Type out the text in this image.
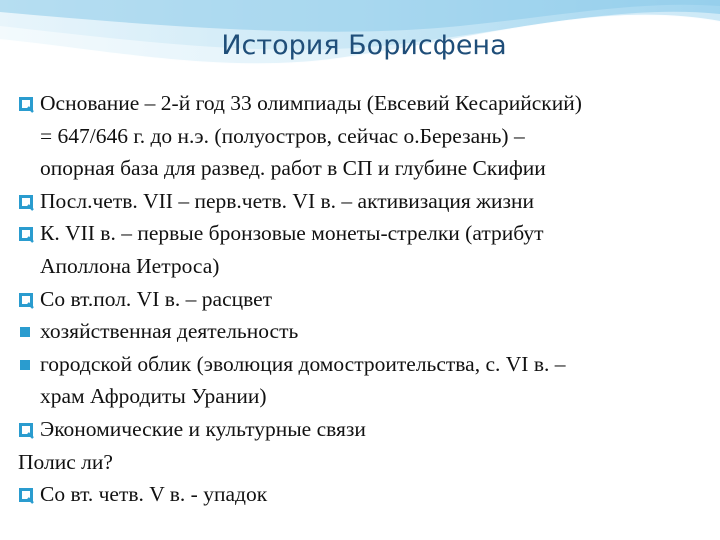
История Борисфена
Основание – 2-й год 33 олимпиады (Евсевий Кесарийский)
= 647/646 г. до н.э. (полуостров, сейчас о.Березань) –
опорная база для развед. работ в СП и глубине Скифии
Посл.четв. VII – перв.четв. VI в. – активизация жизни
К. VII в. – первые бронзовые монеты-стрелки (атрибут
Аполлона Иетроса)
Со вт.пол. VI в. – расцвет
хозяйственная деятельность
городской облик (эволюция домостроительства, с. VI в. –
храм Афродиты Урании)
Экономические и культурные связи
Полис ли?
Со вт. четв. V в. - упадок
